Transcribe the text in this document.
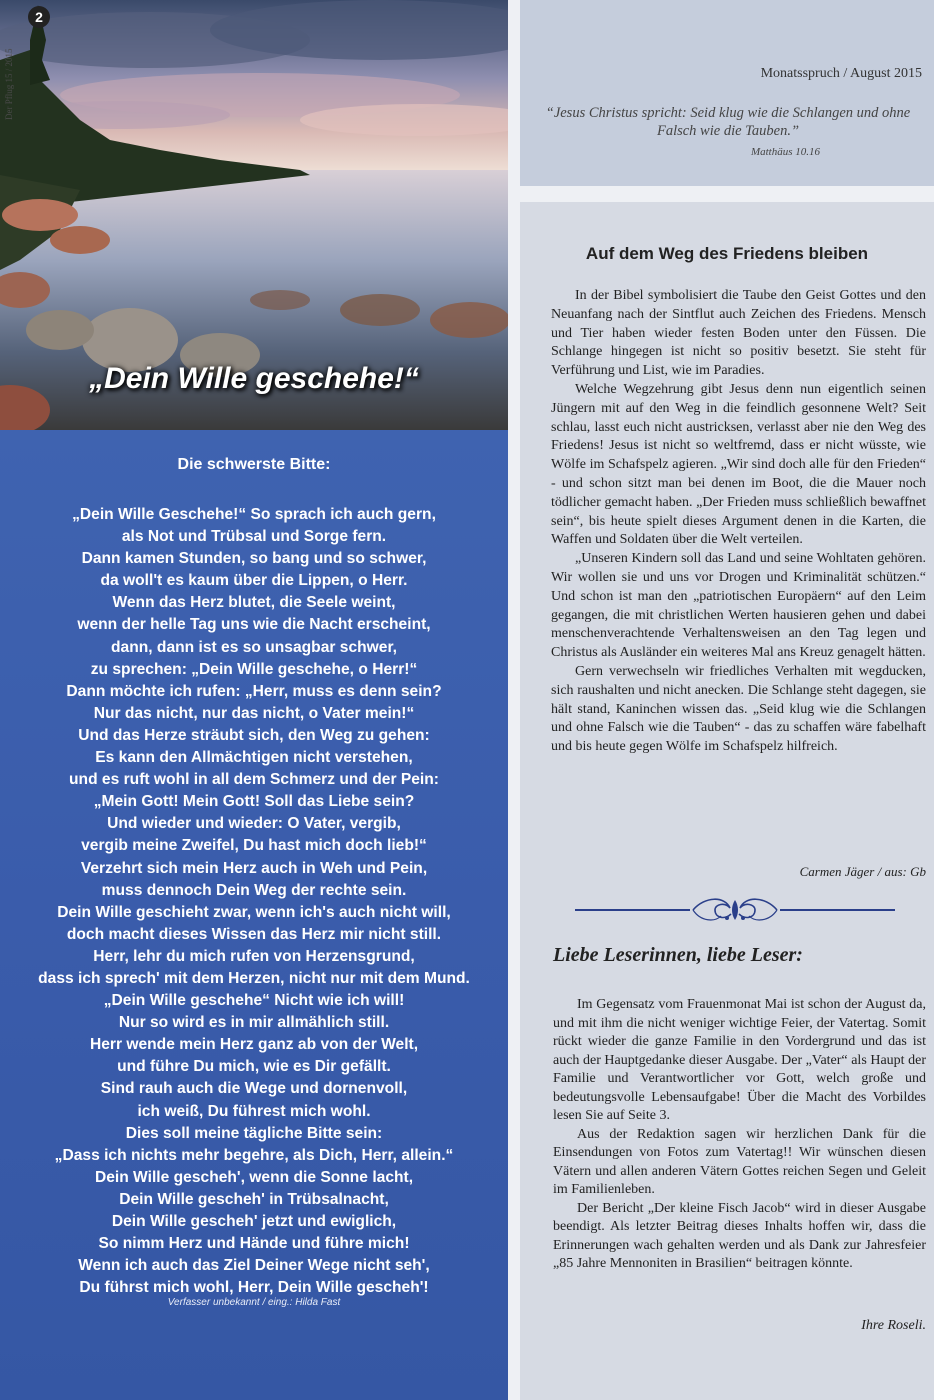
2
Der Pflug 15 / 2015
„Dein Wille geschehe!“
Die schwerste Bitte:
„Dein Wille Geschehe!“ So sprach ich auch gern,
als Not und Trübsal und Sorge fern.
Dann kamen Stunden, so bang und so schwer,
da woll't es kaum über die Lippen, o Herr.
Wenn das Herz blutet, die Seele weint,
wenn der helle Tag uns wie die Nacht erscheint,
dann, dann ist es so unsagbar schwer,
zu sprechen: „Dein Wille geschehe, o Herr!“
Dann möchte ich rufen: „Herr, muss es denn sein?
Nur das nicht, nur das nicht, o Vater mein!“
Und das Herze sträubt sich, den Weg zu gehen:
Es kann den Allmächtigen nicht verstehen,
und es ruft wohl in all dem Schmerz und der Pein:
„Mein Gott! Mein Gott! Soll das Liebe sein?
Und wieder und wieder: O Vater, vergib,
vergib meine Zweifel, Du hast mich doch lieb!“
Verzehrt sich mein Herz auch in Weh und Pein,
muss dennoch Dein Weg der rechte sein.
Dein Wille geschieht zwar, wenn ich's auch nicht will,
doch macht dieses Wissen das Herz mir nicht still.
Herr, lehr du mich rufen von Herzensgrund,
dass ich sprech' mit dem Herzen, nicht nur mit dem Mund.
„Dein Wille geschehe“ Nicht wie ich will!
Nur so wird es in mir allmählich still.
Herr wende mein Herz ganz ab von der Welt,
und führe Du mich, wie es Dir gefällt.
Sind rauh auch die Wege und dornenvoll,
ich weiß, Du führest mich wohl.
Dies soll meine tägliche Bitte sein:
„Dass ich nichts mehr begehre, als Dich, Herr, allein.“
Dein Wille gescheh', wenn die Sonne lacht,
Dein Wille gescheh' in Trübsalnacht,
Dein Wille gescheh' jetzt und ewiglich,
So nimm Herz und Hände und führe mich!
Wenn ich auch das Ziel Deiner Wege nicht seh',
Du führst mich wohl, Herr, Dein Wille gescheh'!
Verfasser unbekannt / eing.: Hilda Fast
Monatsspruch / August 2015
“Jesus Christus spricht: Seid klug wie die Schlangen und ohne Falsch wie die Tauben.”
Matthäus 10.16
Auf dem Weg des Friedens bleiben

In der Bibel symbolisiert die Taube den Geist Gottes und den Neuanfang nach der Sintflut auch Zeichen des Friedens. Mensch und Tier haben wieder festen Boden unter den Füssen. Die Schlange hingegen ist nicht so positiv besetzt. Sie steht für Verführung und List, wie im Paradies.

Welche Wegzehrung gibt Jesus denn nun eigentlich seinen Jüngern mit auf den Weg in die feindlich gesonnene Welt? Seit schlau, lasst euch nicht austricksen, verlasst aber nie den Weg des Friedens! Jesus ist nicht so weltfremd, dass er nicht wüsste, wie Wölfe im Schafspelz agieren. „Wir sind doch alle für den Frieden“ - und schon sitzt man bei denen im Boot, die die Mauer noch tödlicher gemacht haben. „Der Frieden muss schließlich bewaffnet sein“, bis heute spielt dieses Argument denen in die Karten, die Waffen und Soldaten über die Welt verteilen.

„Unseren Kindern soll das Land und seine Wohltaten gehören. Wir wollen sie und uns vor Drogen und Kriminalität schützen.“ Und schon ist man den „patriotischen Europäern“ auf den Leim gegangen, die mit christlichen Werten hausieren gehen und dabei menschenverachtende Verhaltensweisen an den Tag legen und Christus als Ausländer ein weiteres Mal ans Kreuz genagelt hätten.

Gern verwechseln wir friedliches Verhalten mit wegducken, sich raushalten und nicht anecken. Die Schlange steht dagegen, sie hält stand, Kaninchen wissen das. „Seid klug wie die Schlangen und ohne Falsch wie die Tauben“ - das zu schaffen wäre fabelhaft und bis heute gegen Wölfe im Schafspelz hilfreich.

Carmen Jäger / aus: Gb
Liebe Leserinnen, liebe Leser:

Im Gegensatz vom Frauenmonat Mai ist schon der August da, und mit ihm die nicht weniger wichtige Feier, der Vatertag. Somit rückt wieder die ganze Familie in den Vordergrund und das ist auch der Hauptgedanke dieser Ausgabe. Der „Vater“ als Haupt der Familie und Verantwortlicher vor Gott, welch große und bedeutungsvolle Lebensaufgabe! Über die Macht des Vorbildes lesen Sie auf Seite 3.

Aus der Redaktion sagen wir herzlichen Dank für die Einsendungen von Fotos zum Vatertag!! Wir wünschen diesen Vätern und allen anderen Vätern Gottes reichen Segen und Geleit im Familienleben.

Der Bericht „Der kleine Fisch Jacob“ wird in dieser Ausgabe beendigt. Als letzter Beitrag dieses Inhalts hoffen wir, dass die Erinnerungen wach gehalten werden und als Dank zur Jahresfeier „85 Jahre Mennoniten in Brasilien“ beitragen könnte.

Ihre Roseli.
